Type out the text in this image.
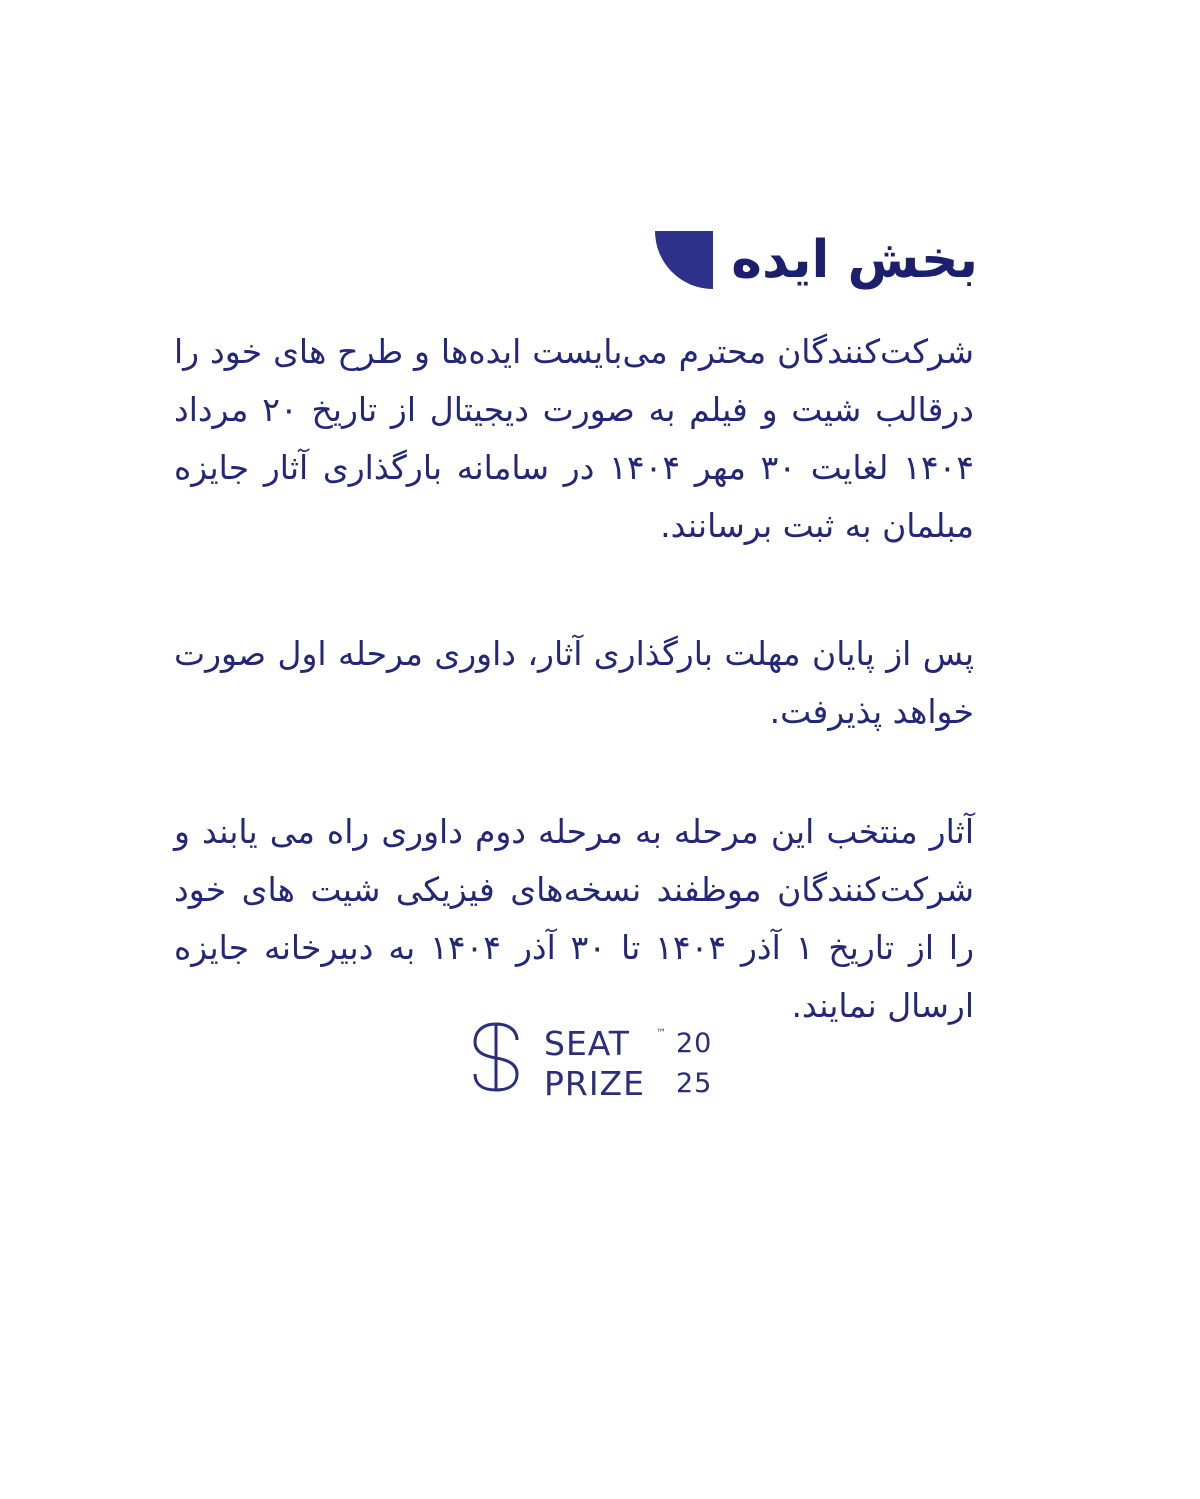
بخش ایده

شرکت‌کنندگان محترم می‌بایست ایده‌ها و طرح های خود را درقالب شیت و فیلم به صورت دیجیتال از تاریخ ۲۰ مرداد ۱۴۰۴ لغایت ۳۰ مهر ۱۴۰۴ در سامانه بارگذاری آثار جایزه مبلمان به ثبت برسانند.

پس از پایان مهلت بارگذاری آثار، داوری مرحله اول صورت خواهد پذیرفت.

آثار منتخب این مرحله به مرحله دوم داوری راه می یابند و شرکت‌کنندگان موظفند نسخه‌های فیزیکی شیت های خود را از تاریخ ۱ آذر ۱۴۰۴ تا ۳۰ آذر ۱۴۰۴ به دبیرخانه جایزه ارسال نمایند.

SEAT
PRIZE
™ 20
25
